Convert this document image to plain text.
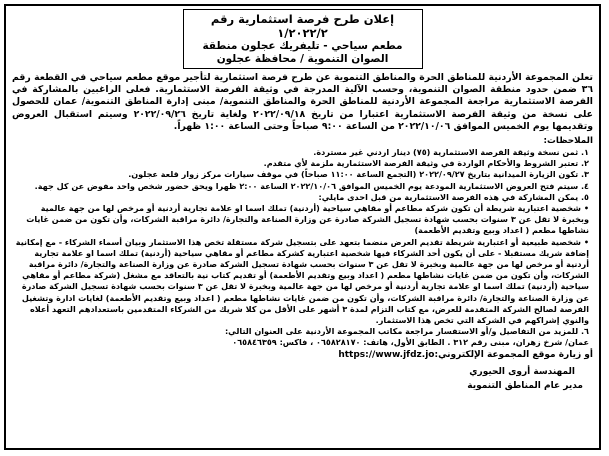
إعلان طرح فرصة استثمارية رقم ١/٢٠٢٢/٢
مطعم سياحي - تليفريك عجلون منطقة الصوان التنموية / محافظة عجلون

تعلن المجموعة الأردنية للمناطق الحرة والمناطق التنموية عن طرح فرصة استثمارية لتأجير موقع مطعم سياحي في القطعة رقم ٣٦ ضمن حدود منطقة الصوان التنموية، وحسب الآلية المدرجة في وثيقة الفرصة الاستثمارية. فعلى الراغبين بالمشاركة في الفرصة الاستثمارية مراجعة المجموعة الأردنية للمناطق الحرة والمناطق التنموية/ مبنى إدارة المناطق التنموية/ عمان للحصول على نسخة من وثيقة الفرصة الاستثمارية اعتبارا من تاريخ ٢٠٢٢/٠٩/١٨ ولغاية تاريخ ٢٠٢٢/٠٩/٢٦ وسيتم استقبال العروض وتقديمها يوم الخميس الموافق ٢٠٢٢/١٠/٠٦ من الساعة ٩:٠٠ صباحاً وحتى الساعة ١:٠٠ ظهراً.

الملاحظات:
١. ثمن نسخة وثيقة الفرصة الاستثمارية (٧٥) دينار اردني غير مستردة.
٢. تعتبر الشروط والأحكام الواردة في وثيقة الفرصة الاستثمارية ملزمة لأي متقدم.
٣. تكون الزيارة الميدانية بتاريخ ٢٠٢٢/٠٩/٢٧ (التجمع الساعة ١١:٠٠ صباحاً) في موقف سيارات مركز زوار قلعة عجلون.
٤. سيتم فتح العروض الاستثمارية المودعة يوم الخميس الموافق ٢٠٢٢/١٠/٠٦ الساعة ٢:٠٠ ظهرا ويحق حضور شخص واحد مفوض عن كل جهة.
٥. يمكن المشاركة في هذه الفرصة الاستثمارية من قبل احدى مايلي:
• شخصية اعتبارية شريطة أن تكون شركة مطاعم أو مقاهي سياحية (أردنية) تملك اسما او علامة تجارية أردنية أو مرخص لها من جهة عالمية وبخبرة لا تقل عن ٣ سنوات بحسب شهادة تسجيل الشركة صادرة عن وزارة الصناعة والتجارة/ دائرة مراقبة الشركات، وأن تكون من ضمن غايات نشاطها مطعم ( اعداد وبيع وتقديم الأطعمة)
• شخصية طبيعية أو اعتبارية شريطة تقديم العرض منضما بتعهد على بتسجيل شركة مستقلة تخص هذا الاستثمار وبيان أسماء الشركاء - مع إمكانية إضافة شريك مستقبلا - على أن يكون أحد الشركاء فيها شخصية اعتبارية كشركة مطاعم أو مقاهي سياحية (أردنية) تملك اسما او علامة تجارية أردنية أو مرخص لها من جهة عالمية وبخبرة لا تقل عن ٣ سنوات بحسب شهادة تسجيل الشركة صادرة عن وزارة الصناعة والتجارة/ دائرة مراقبة الشركات، وأن تكون من ضمن غايات نشاطها مطعم ( اعداد وبيع وتقديم الأطعمة) أو تقديم كتاب نية بالتعاقد مع مشغل (شركة مطاعم أو مقاهي سياحية (أردنية) تملك اسما او علامة تجارية أردنية أو مرخص لها من جهة عالمية وبخبرة لا تقل عن ٣ سنوات بحسب شهادة تسجيل الشركة صادرة عن وزارة الصناعة والتجارة/ دائرة مراقبة الشركات، وأن تكون من ضمن غايات نشاطها مطعم ( اعداد وبيع وتقديم الأطعمة) لغايات ادارة وتشغيل الفرصة لصالح الشركة المتقدمة للعرض، مع كتاب التزام لمدة ٣ أشهر على الأقل من كلا شريك من الشركاء المتقدمين باستعدادهم التعهد أعلاه والنوي إشراكهم في الشركة التي تخص هذا الاستثمار.
٦. للمزيد من التفاصيل و/أو الاستفسار مراجعة مكاتب المجموعة الأردنية على العنوان التالي:
عمان/ شرخ زهران، مبنى رقم ٣١٢ . الطابق الأول، هاتف: ٠٦٥٨٢٨١٧٠ ، فاكس: ٠٦٥٨٤٦٣٥٩
أو زيارة موقع المجموعة الإلكتروني:https://www.jfdz.jo
المهندسة أروى الحيوري
مدير عام المناطق التنموية
